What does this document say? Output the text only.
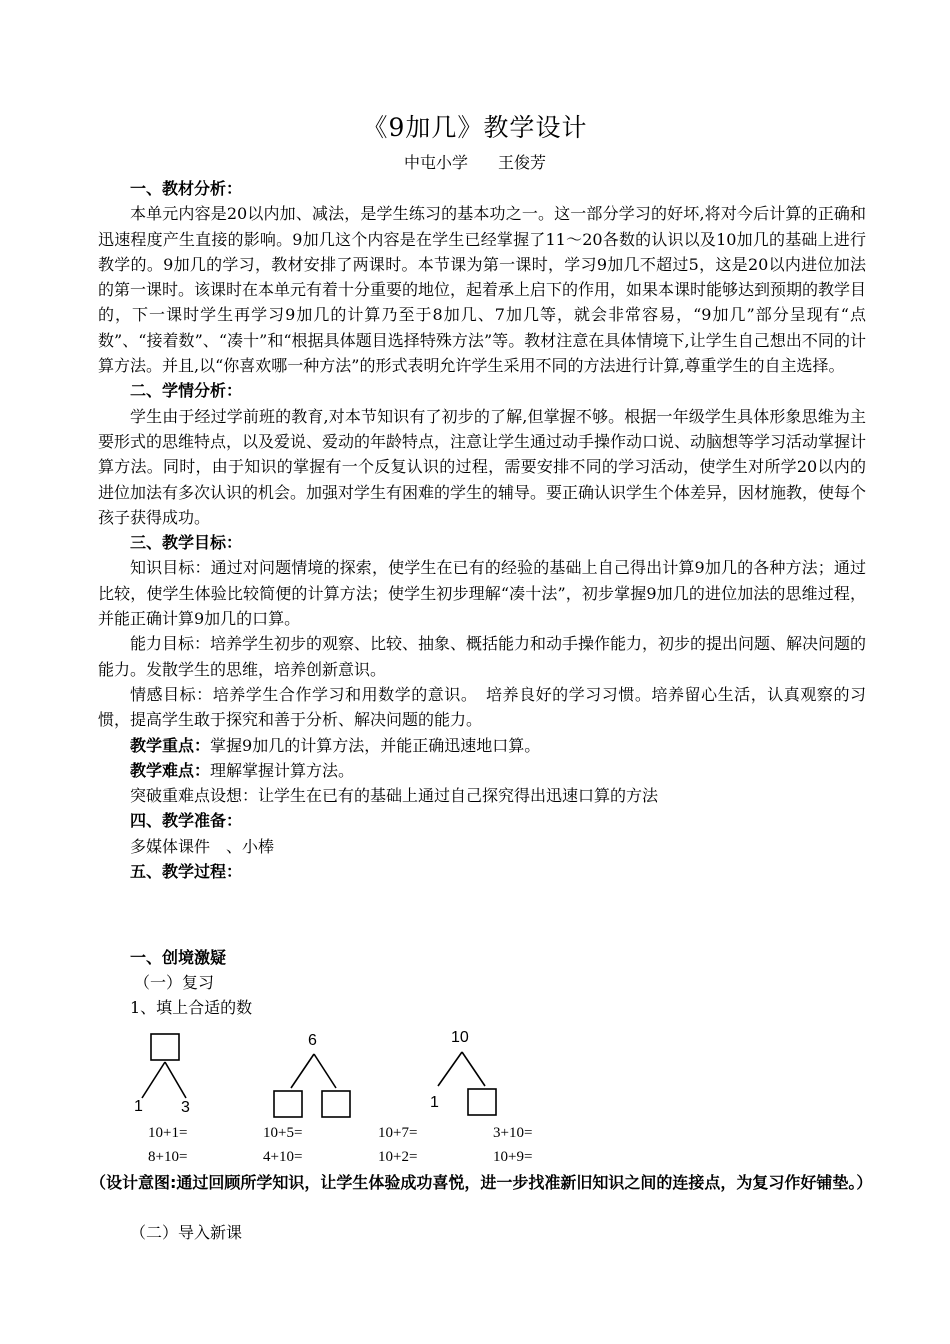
《9加几》教学设计
中屯小学 王俊芳

一、教材分析：

本单元内容是20以内加、减法，是学生练习的基本功之一。这一部分学习的好坏,将对今后计算的正确和迅速程度产生直接的影响。9加几这个内容是在学生已经掌握了11～20各数的认识以及10加几的基础上进行教学的。9加几的学习，教材安排了两课时。本节课为第一课时，学习9加几不超过5，这是20以内进位加法的第一课时。该课时在本单元有着十分重要的地位，起着承上启下的作用，如果本课时能够达到预期的教学目的，下一课时学生再学习9加几的计算乃至于8加几、7加几等，就会非常容易，“9加几”部分呈现有“点数”、“接着数”、“凑十”和“根据具体题目选择特殊方法”等。教材注意在具体情境下,让学生自己想出不同的计算方法。并且,以“你喜欢哪一种方法”的形式表明允许学生采用不同的方法进行计算,尊重学生的自主选择。

二、学情分析：

学生由于经过学前班的教育,对本节知识有了初步的了解,但掌握不够。根据一年级学生具体形象思维为主要形式的思维特点，以及爱说、爱动的年龄特点，注意让学生通过动手操作动口说、动脑想等学习活动掌握计算方法。同时，由于知识的掌握有一个反复认识的过程，需要安排不同的学习活动，使学生对所学20以内的进位加法有多次认识的机会。加强对学生有困难的学生的辅导。要正确认识学生个体差异，因材施教，使每个孩子获得成功。

三、教学目标：

知识目标：通过对问题情境的探索，使学生在已有的经验的基础上自己得出计算9加几的各种方法；通过比较，使学生体验比较简便的计算方法；使学生初步理解“凑十法”，初步掌握9加几的进位加法的思维过程，并能正确计算9加几的口算。

能力目标：培养学生初步的观察、比较、抽象、概括能力和动手操作能力，初步的提出问题、解决问题的能力。发散学生的思维，培养创新意识。

情感目标：培养学生合作学习和用数学的意识。　培养良好的学习习惯。培养留心生活，认真观察的习惯，提高学生敢于探究和善于分析、解决问题的能力。

教学重点：掌握9加几的计算方法，并能正确迅速地口算。

教学难点：理解掌握计算方法。

突破重难点设想：让学生在已有的基础上通过自己探究得出迅速口算的方法

四、教学准备：

多媒体课件　、小棒

五、教学过程：

一、创境激疑

（一）复习

1、填上合适的数

1 3
6	10
1
10+1=	10+5=	10+7=	3+10=
8+10=	4+10=	10+2=	10+9=
（设计意图:通过回顾所学知识，让学生体验成功喜悦，进一步找准新旧知识之间的连接点，为复习作好铺垫。）
（二）导入新课
